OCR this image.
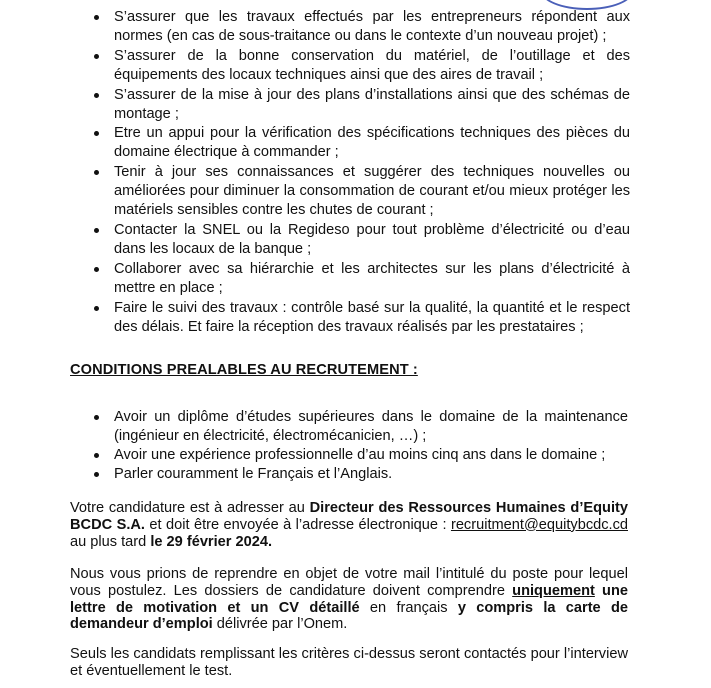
S’assurer que les travaux effectués par les entrepreneurs répondent aux normes (en cas de sous-traitance ou dans le contexte d’un nouveau projet) ;
S’assurer de la bonne conservation du matériel, de l’outillage et des équipements des locaux techniques ainsi que des aires de travail ;
S’assurer de la mise à jour des plans d’installations ainsi que des schémas de montage ;
Etre un appui pour la vérification des spécifications techniques des pièces du domaine électrique à commander ;
Tenir à jour ses connaissances et suggérer des techniques nouvelles ou améliorées pour diminuer la consommation de courant et/ou mieux protéger les matériels sensibles contre les chutes de courant ;
Contacter la SNEL ou la Regideso pour tout problème d’électricité ou d’eau dans les locaux de la banque ;
Collaborer avec sa hiérarchie et les architectes sur les plans d’électricité à mettre en place ;
Faire le suivi des travaux : contrôle basé sur la qualité, la quantité et le respect des délais. Et faire la réception des travaux réalisés par les prestataires ;
CONDITIONS PREALABLES AU RECRUTEMENT :
Avoir un diplôme d’études supérieures dans le domaine de la maintenance (ingénieur en électricité, électromécanicien, …) ;
Avoir une expérience professionnelle d’au moins cinq ans dans le domaine ;
Parler couramment le Français et l’Anglais.
Votre candidature est à adresser au Directeur des Ressources Humaines d’Equity BCDC S.A. et doit être envoyée à l’adresse électronique : recruitment@equitybcdc.cd au plus tard le 29 février 2024.
Nous vous prions de reprendre en objet de votre mail l’intitulé du poste pour lequel vous postulez. Les dossiers de candidature doivent comprendre uniquement une lettre de motivation et un CV détaillé en français y compris la carte de demandeur d’emploi délivrée par l’Onem.
Seuls les candidats remplissant les critères ci-dessus seront contactés pour l’interview et éventuellement le test.
